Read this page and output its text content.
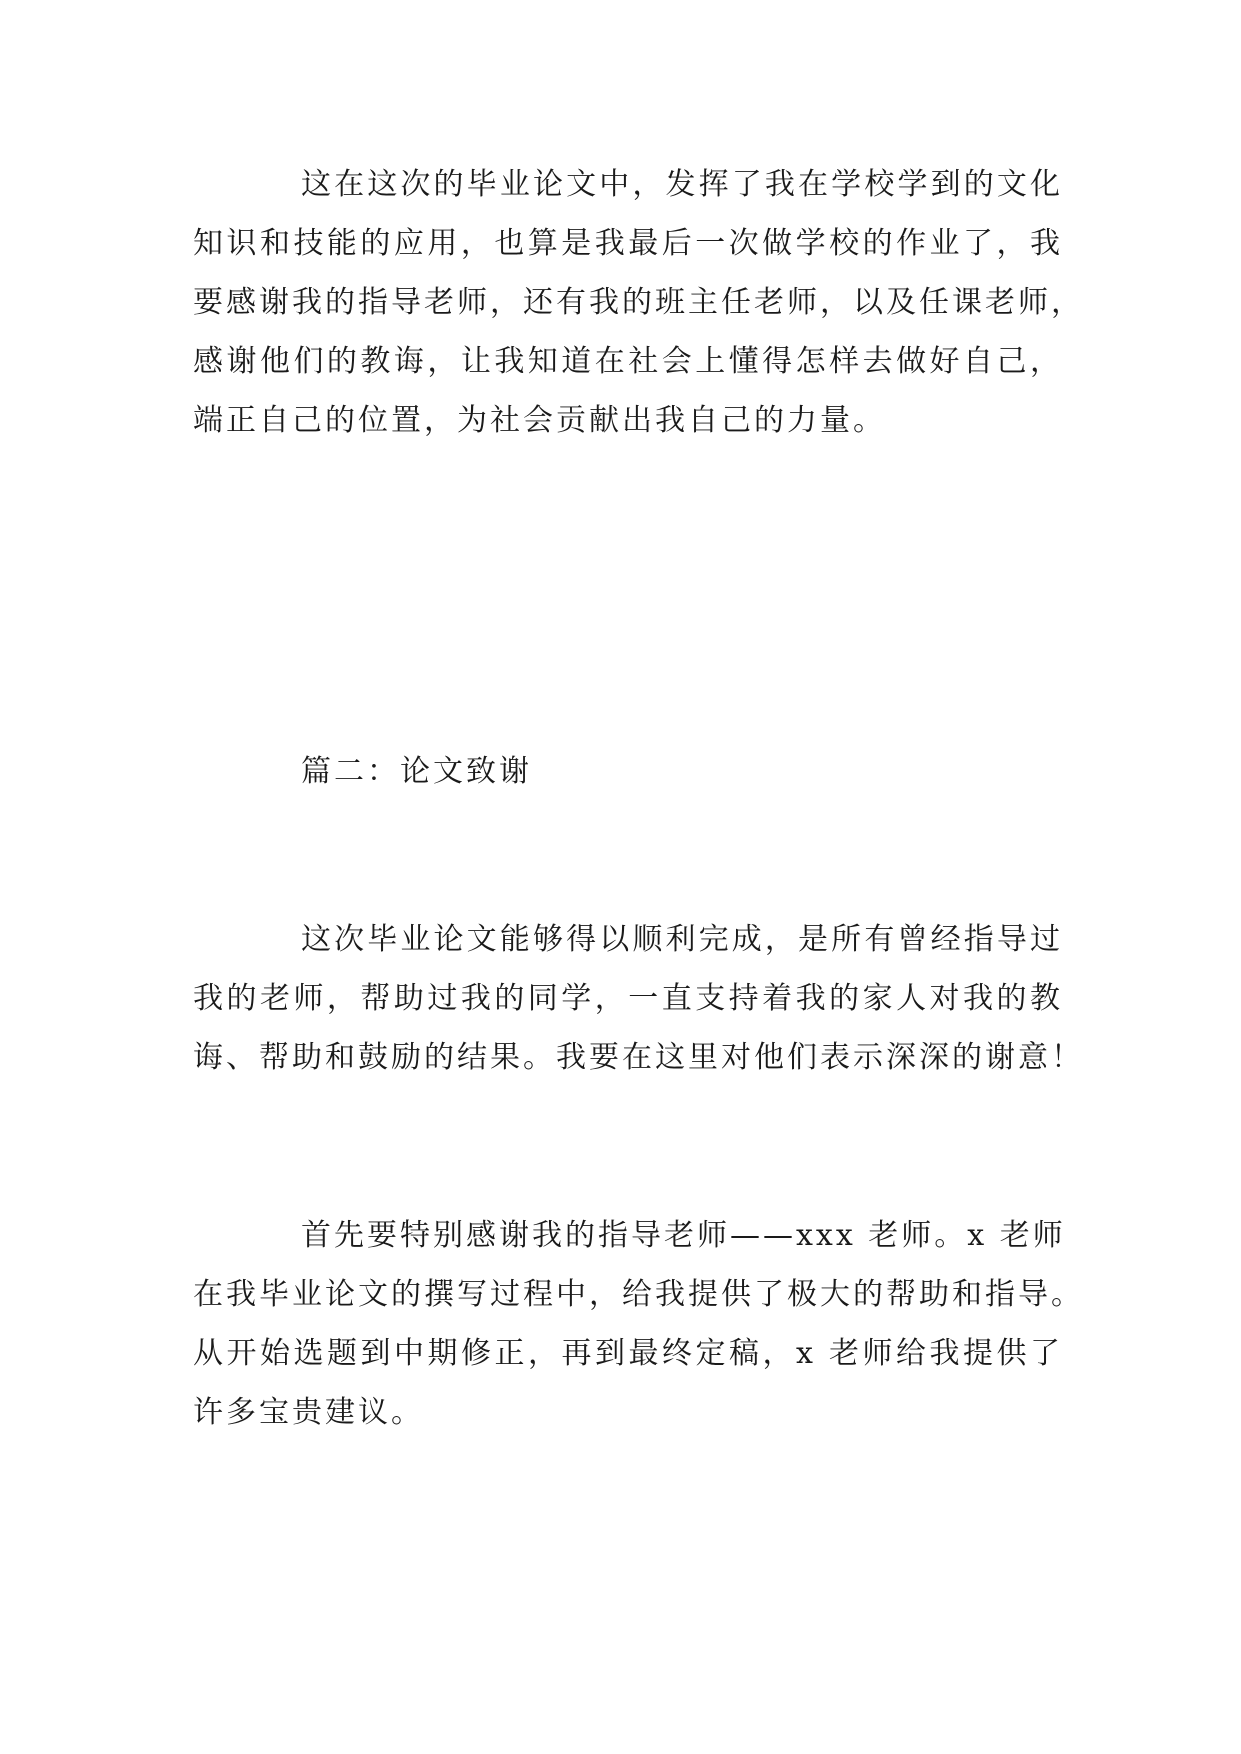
这在这次的毕业论文中，发挥了我在学校学到的文化
知识和技能的应用，也算是我最后一次做学校的作业了，我
要感谢我的指导老师，还有我的班主任老师，以及任课老师，
感谢他们的教诲，让我知道在社会上懂得怎样去做好自己，
端正自己的位置，为社会贡献出我自己的力量。
篇二：论文致谢
这次毕业论文能够得以顺利完成，是所有曾经指导过
我的老师，帮助过我的同学，一直支持着我的家人对我的教
诲、帮助和鼓励的结果。我要在这里对他们表示深深的谢意！
首先要特别感谢我的指导老师——xxx 老师。x 老师
在我毕业论文的撰写过程中，给我提供了极大的帮助和指导。
从开始选题到中期修正，再到最终定稿，x 老师给我提供了
许多宝贵建议。
